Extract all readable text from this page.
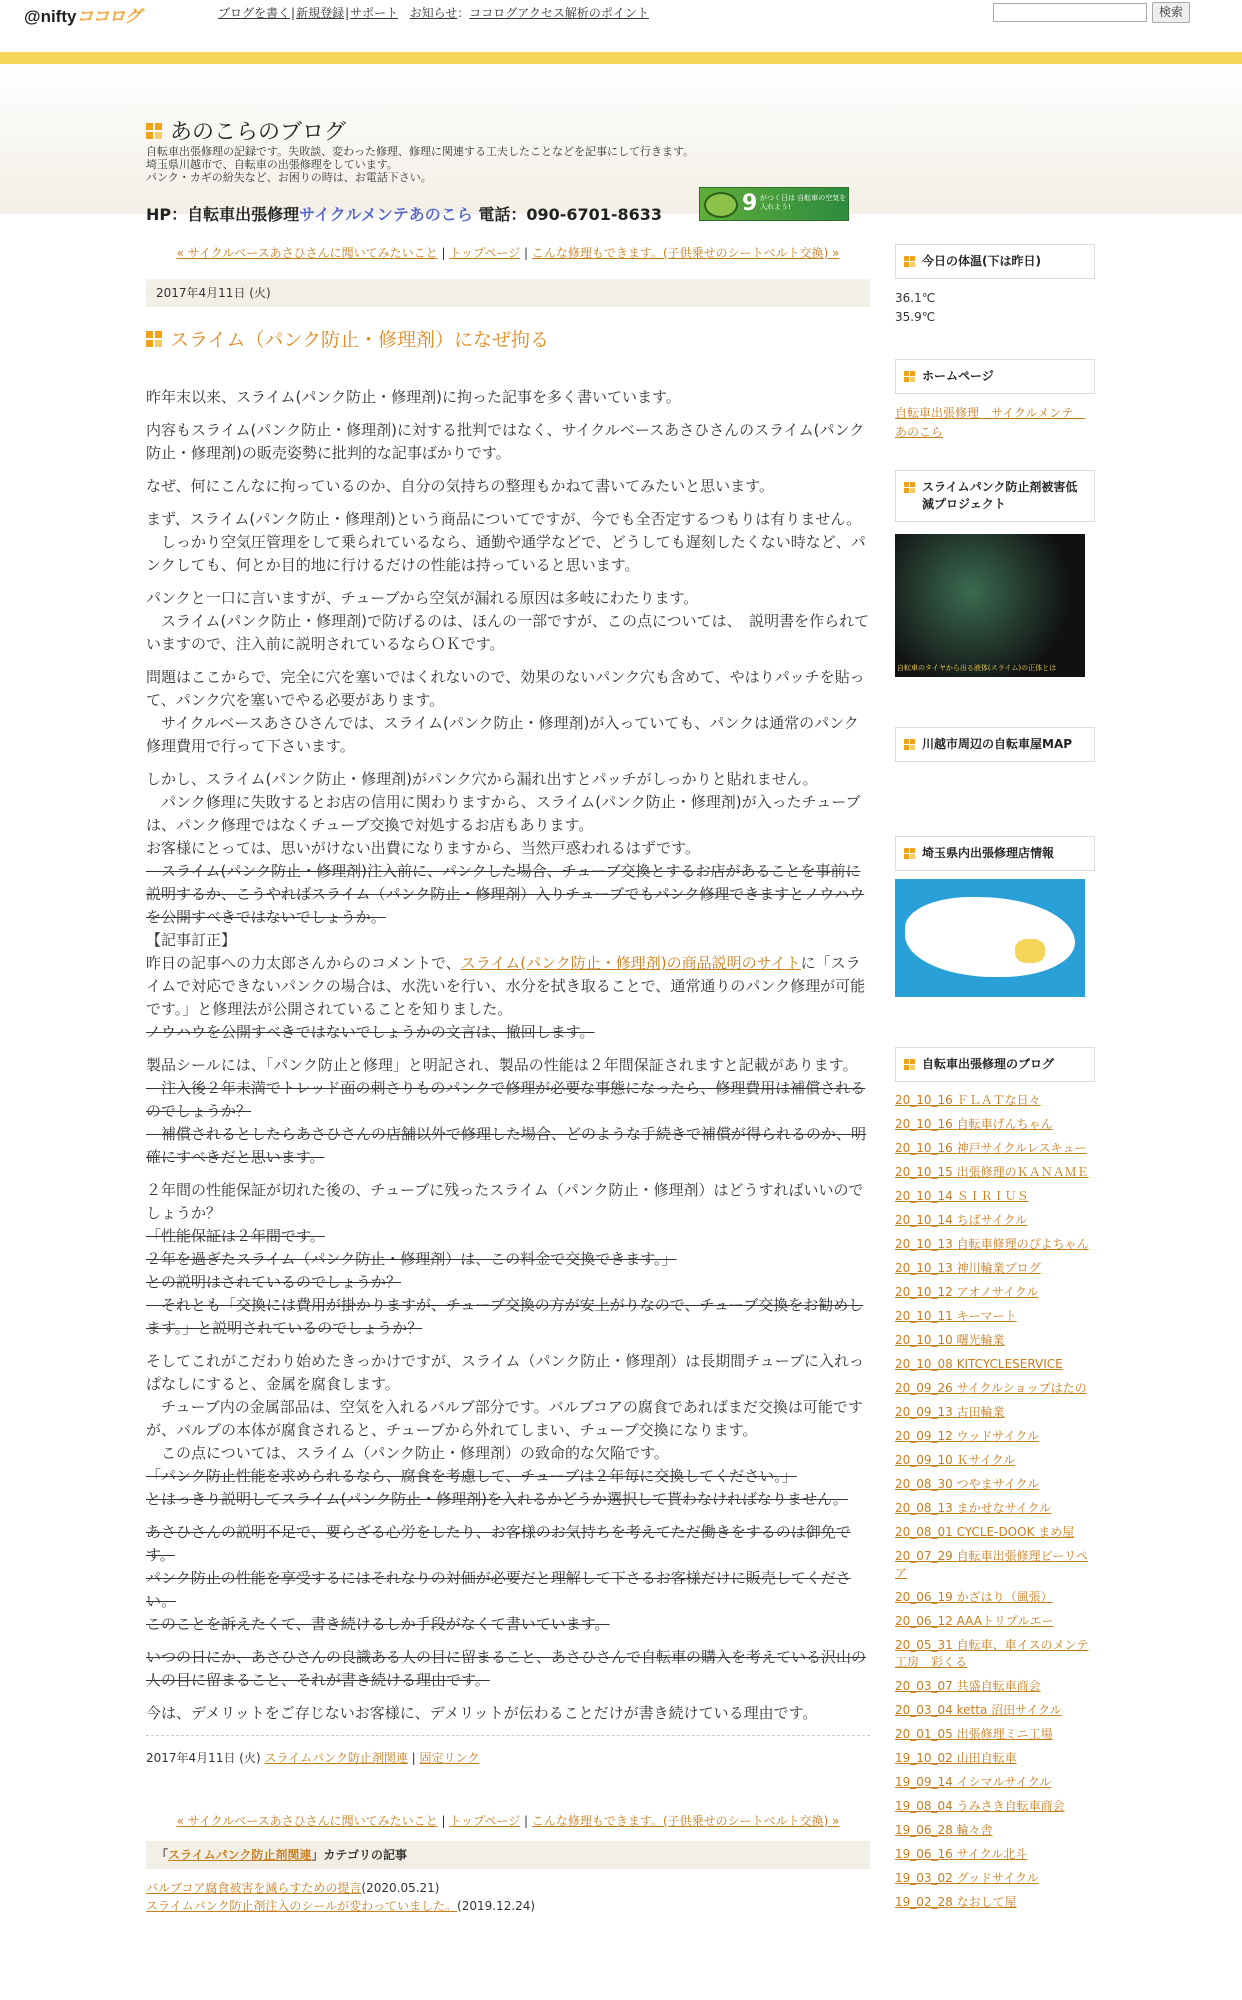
@niftyココログ	ブログを書く|新規登録|サポート お知らせ：ココログアクセス解析のポイント	検索
あのこらのブログ
自転車出張修理の記録です。失敗談、変わった修理、修理に関連する工夫したことなどを記事にして行きます。
埼玉県川越市で、自転車の出張修理をしています。
パンク・カギの紛失など、お困りの時は、お電話下さい。
HP：自転車出張修理サイクルメンテあのこら 電話：090-6701-8633	9 がつく日は 自転車の空気を入れよう!
« サイクルベースあさひさんに聞いてみたいこと | トップページ | こんな修理もできます。(子供乗せのシートベルト交換) »
2017年4月11日 (火)
スライム（パンク防止・修理剤）になぜ拘る

昨年末以来、スライム(パンク防止・修理剤)に拘った記事を多く書いています。

内容もスライム(パンク防止・修理剤)に対する批判ではなく、サイクルベースあさひさんのスライム(パンク防止・修理剤)の販売姿勢に批判的な記事ばかりです。

なぜ、何にこんなに拘っているのか、自分の気持ちの整理もかねて書いてみたいと思います。

まず、スライム(パンク防止・修理剤)という商品についてですが、今でも全否定するつもりは有りません。
　しっかり空気圧管理をして乗られているなら、通勤や通学などで、どうしても遅刻したくない時など、パンクしても、何とか目的地に行けるだけの性能は持っていると思います。

パンクと一口に言いますが、チューブから空気が漏れる原因は多岐にわたります。
　スライム(パンク防止・修理剤)で防げるのは、ほんの一部ですが、この点については、　説明書を作られていますので、注入前に説明されているならＯＫです。

問題はここからで、完全に穴を塞いではくれないので、効果のないパンク穴も含めて、やはりパッチを貼って、パンク穴を塞いでやる必要があります。
　サイクルベースあさひさんでは、スライム(パンク防止・修理剤)が入っていても、パンクは通常のパンク修理費用で行って下さいます。

しかし、スライム(パンク防止・修理剤)がパンク穴から漏れ出すとパッチがしっかりと貼れません。
　パンク修理に失敗するとお店の信用に関わりますから、スライム(パンク防止・修理剤)が入ったチューブは、パンク修理ではなくチューブ交換で対処するお店もあります。
お客様にとっては、思いがけない出費になりますから、当然戸惑われるはずです。
　スライム(パンク防止・修理剤)注入前に、パンクした場合、チューブ交換とするお店があることを事前に説明するか、こうやればスライム（パンク防止・修理剤）入りチューブでもパンク修理できますとノウハウを公開すべきではないでしょうか。
【記事訂正】
昨日の記事への力太郎さんからのコメントで、スライム(パンク防止・修理剤)の商品説明のサイトに「スライムで対応できないパンクの場合は、水洗いを行い、水分を拭き取ることで、通常通りのパンク修理が可能です。」と修理法が公開されていることを知りました。
ノウハウを公開すべきではないでしょうかの文言は、撤回します。

製品シールには、「パンク防止と修理」と明記され、製品の性能は２年間保証されますと記載があります。
　注入後２年未満でトレッド面の刺さりものパンクで修理が必要な事態になったら、修理費用は補償されるのでしょうか？
　補償されるとしたらあさひさんの店舗以外で修理した場合、どのような手続きで補償が得られるのか、明確にすべきだと思います。

２年間の性能保証が切れた後の、チューブに残ったスライム（パンク防止・修理剤）はどうすればいいのでしょうか？
「性能保証は２年間です。
２年を過ぎたスライム（パンク防止・修理剤）は、この料金で交換できます。」
との説明はされているのでしょうか？
　それとも「交換には費用が掛かりますが、チューブ交換の方が安上がりなので、チューブ交換をお勧めします。」と説明されているのでしょうか？

そしてこれがこだわり始めたきっかけですが、スライム（パンク防止・修理剤）は長期間チューブに入れっぱなしにすると、金属を腐食します。
　チューブ内の金属部品は、空気を入れるバルブ部分です。バルブコアの腐食であればまだ交換は可能ですが、バルブの本体が腐食されると、チューブから外れてしまい、チューブ交換になります。
　この点については、スライム（パンク防止・修理剤）の致命的な欠陥です。
「パンク防止性能を求められるなら、腐食を考慮して、チューブは２年毎に交換してください。」
とはっきり説明してスライム(パンク防止・修理剤)を入れるかどうか選択して貰わなければなりません。

あさひさんの説明不足で、要らざる心労をしたり、お客様のお気持ちを考えてただ働きをするのは御免です。
パンク防止の性能を享受するにはそれなりの対価が必要だと理解して下さるお客様だけに販売してください。
このことを訴えたくて、書き続けるしか手段がなくて書いています。

いつの日にか、あさひさんの良識ある人の目に留まること、あさひさんで自転車の購入を考えている沢山の人の目に留まること、それが書き続ける理由です。

今は、デメリットをご存じないお客様に、デメリットが伝わることだけが書き続けている理由です。

2017年4月11日 (火) スライムパンク防止剤関連 | 固定リンク
« サイクルベースあさひさんに聞いてみたいこと | トップページ | こんな修理もできます。(子供乗せのシートベルト交換) »
「スライムパンク防止剤関連」カテゴリの記事
バルブコア腐食被害を減らすための提言(2020.05.21)
スライムパンク防止剤注入のシールが変わっていました。(2019.12.24)
今日の体温(下は昨日)
36.1℃
35.9℃
ホームページ
自転車出張修理　サイクルメンテ　あのこら
スライムパンク防止剤被害低減プロジェクト
自転車のタイヤから出る液体(スライム)の正体とは
川越市周辺の自転車屋MAP
埼玉県内出張修理店情報
自転車出張修理のブログ
20_10_16 ＦＬＡＴな日々
20_10_16 自転車げんちゃん
20_10_16 神戸サイクルレスキュー
20_10_15 出張修理のＫＡＮＡＭＥ
20_10_14 ＳＩＲＩＵＳ
20_10_14 ちばサイクル
20_10_13 自転車修理のぴよちゃん
20_10_13 神川輪業ブログ
20_10_12 アオノサイクル
20_10_11 キーマート
20_10_10 曙光輪業
20_10_08 KITCYCLESERVICE
20_09_26 サイクルショップはたの
20_09_13 古田輪業
20_09_12 ウッドサイクル
20_09_10 Ｋサイクル
20_08_30 つやまサイクル
20_08_13 まかせなサイクル
20_08_01 CYCLE-DOOK まめ屋
20_07_29 自転車出張修理ビーリペア
20_06_19 かざはり（風張）
20_06_12 AAAトリプルエー
20_05_31 自転車、車イスのメンテ工房　彩くる
20_03_07 共盛自転車商会
20_03_04 ketta 沼田サイクル
20_01_05 出張修理ミニ工場
19_10_02 山田自転車
19_09_14 イシマルサイクル
19_08_04 うみさき自転車商会
19_06_28 輪々舎
19_06_16 サイクル北斗
19_03_02 グッドサイクル
19_02_28 なおして屋
